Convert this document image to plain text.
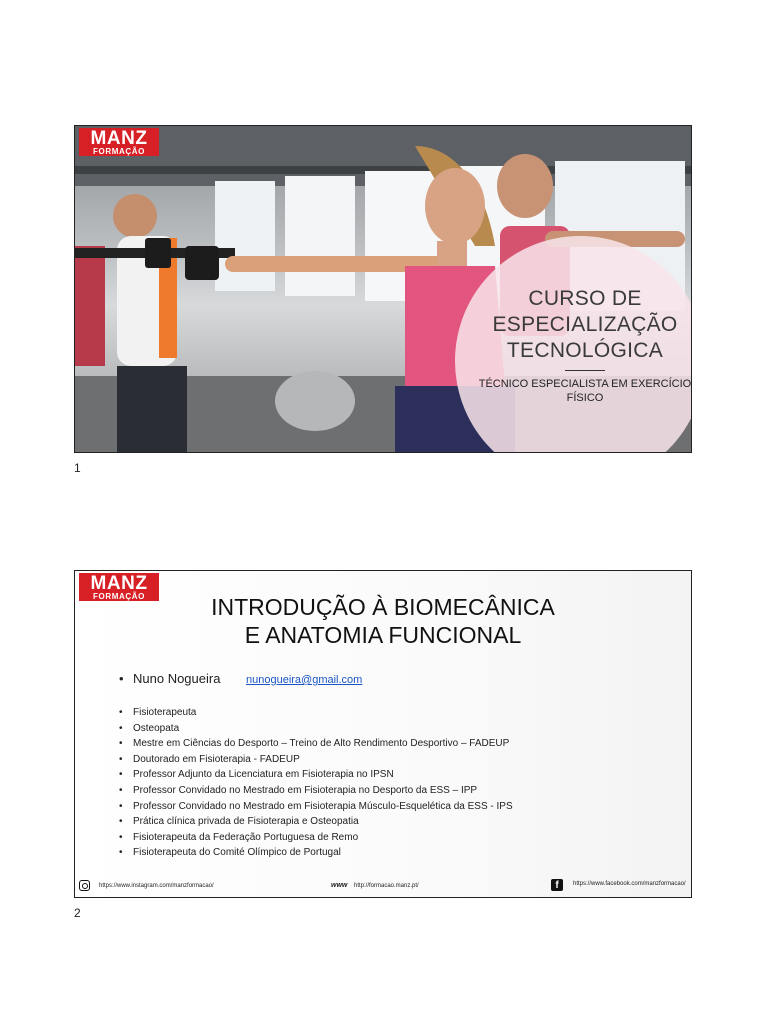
MANZ
FORMAÇÃO
CURSO DE ESPECIALIZAÇÃO TECNOLÓGICA
TÉCNICO ESPECIALISTA EM EXERCÍCIO FÍSICO
1
MANZ
FORMAÇÃO	INTRODUÇÃO À BIOMECÂNICA
E ANATOMIA FUNCIONAL
• Nuno Nogueira nunogueira@gmail.com
• Fisioterapeuta
• Osteopata
• Mestre em Ciências do Desporto – Treino de Alto Rendimento Desportivo – FADEUP
• Doutorado em Fisioterapia - FADEUP
• Professor Adjunto da Licenciatura em Fisioterapia no IPSN
• Professor Convidado no Mestrado em Fisioterapia no Desporto da ESS – IPP
• Professor Convidado no Mestrado em Fisioterapia Músculo-Esquelética da ESS - IPS
• Prática clínica privada de Fisioterapia e Osteopatia
• Fisioterapeuta da Federação Portuguesa de Remo
• Fisioterapeuta do Comité Olímpico de Portugal
https://www.instagram.com/manzformacao/	www http://formacao.manz.pt/	f	https://www.facebook.com/manzformacao/
2
